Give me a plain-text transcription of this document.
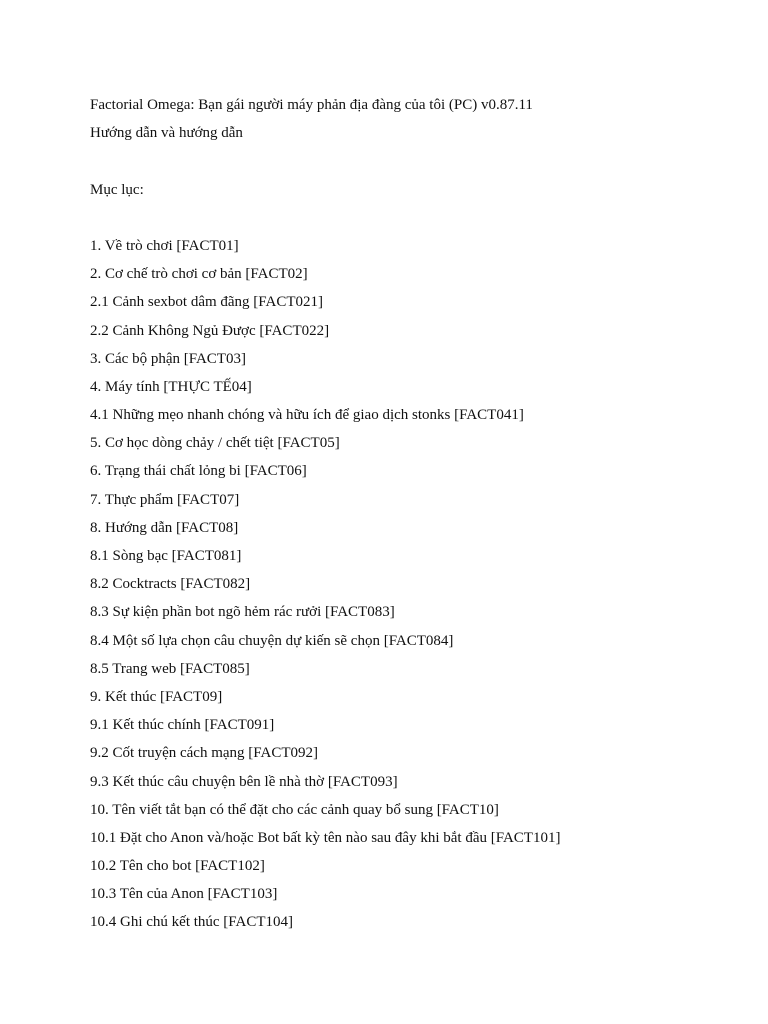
Factorial Omega: Bạn gái người máy phản địa đàng của tôi (PC) v0.87.11
Hướng dẫn và hướng dẫn
Mục lục:
1. Về trò chơi [FACT01]
2. Cơ chế trò chơi cơ bản [FACT02]
2.1 Cảnh sexbot dâm đãng [FACT021]
2.2 Cảnh Không Ngủ Được [FACT022]
3. Các bộ phận [FACT03]
4. Máy tính [THỰC TẾ04]
4.1 Những mẹo nhanh chóng và hữu ích để giao dịch stonks [FACT041]
5. Cơ học dòng chảy / chết tiệt [FACT05]
6. Trạng thái chất lỏng bi [FACT06]
7. Thực phẩm [FACT07]
8. Hướng dẫn [FACT08]
8.1 Sòng bạc [FACT081]
8.2 Cocktracts [FACT082]
8.3 Sự kiện phần bot ngõ hẻm rác rưởi [FACT083]
8.4 Một số lựa chọn câu chuyện dự kiến sẽ chọn [FACT084]
8.5 Trang web [FACT085]
9. Kết thúc [FACT09]
9.1 Kết thúc chính [FACT091]
9.2 Cốt truyện cách mạng [FACT092]
9.3 Kết thúc câu chuyện bên lề nhà thờ [FACT093]
10. Tên viết tắt bạn có thể đặt cho các cảnh quay bổ sung [FACT10]
10.1 Đặt cho Anon và/hoặc Bot bất kỳ tên nào sau đây khi bắt đầu [FACT101]
10.2 Tên cho bot [FACT102]
10.3 Tên của Anon [FACT103]
10.4 Ghi chú kết thúc [FACT104]
